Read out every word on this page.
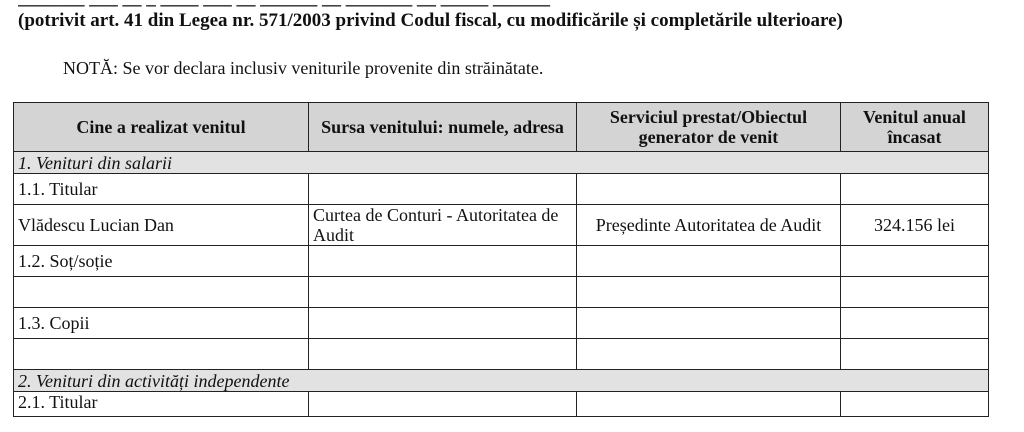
(potrivit art. 41 din Legea nr. 571/2003 privind Codul fiscal, cu modificările și completările ulterioare)
NOTĂ: Se vor declara inclusiv veniturile provenite din străinătate.
Cine a realizat venitul	Sursa venitului: numele, adresa	Serviciul prestat/Obiectul generator de venit	Venitul anual încasat
1. Venituri din salarii			
1.1. Titular			
Vlădescu Lucian Dan	Curtea de Conturi - Autoritatea de Audit	Președinte Autoritatea de Audit	324.156 lei
1.2. Soț/soție			

1.3. Copii			

2. Venituri din activități independente			
2.1. Titular			
